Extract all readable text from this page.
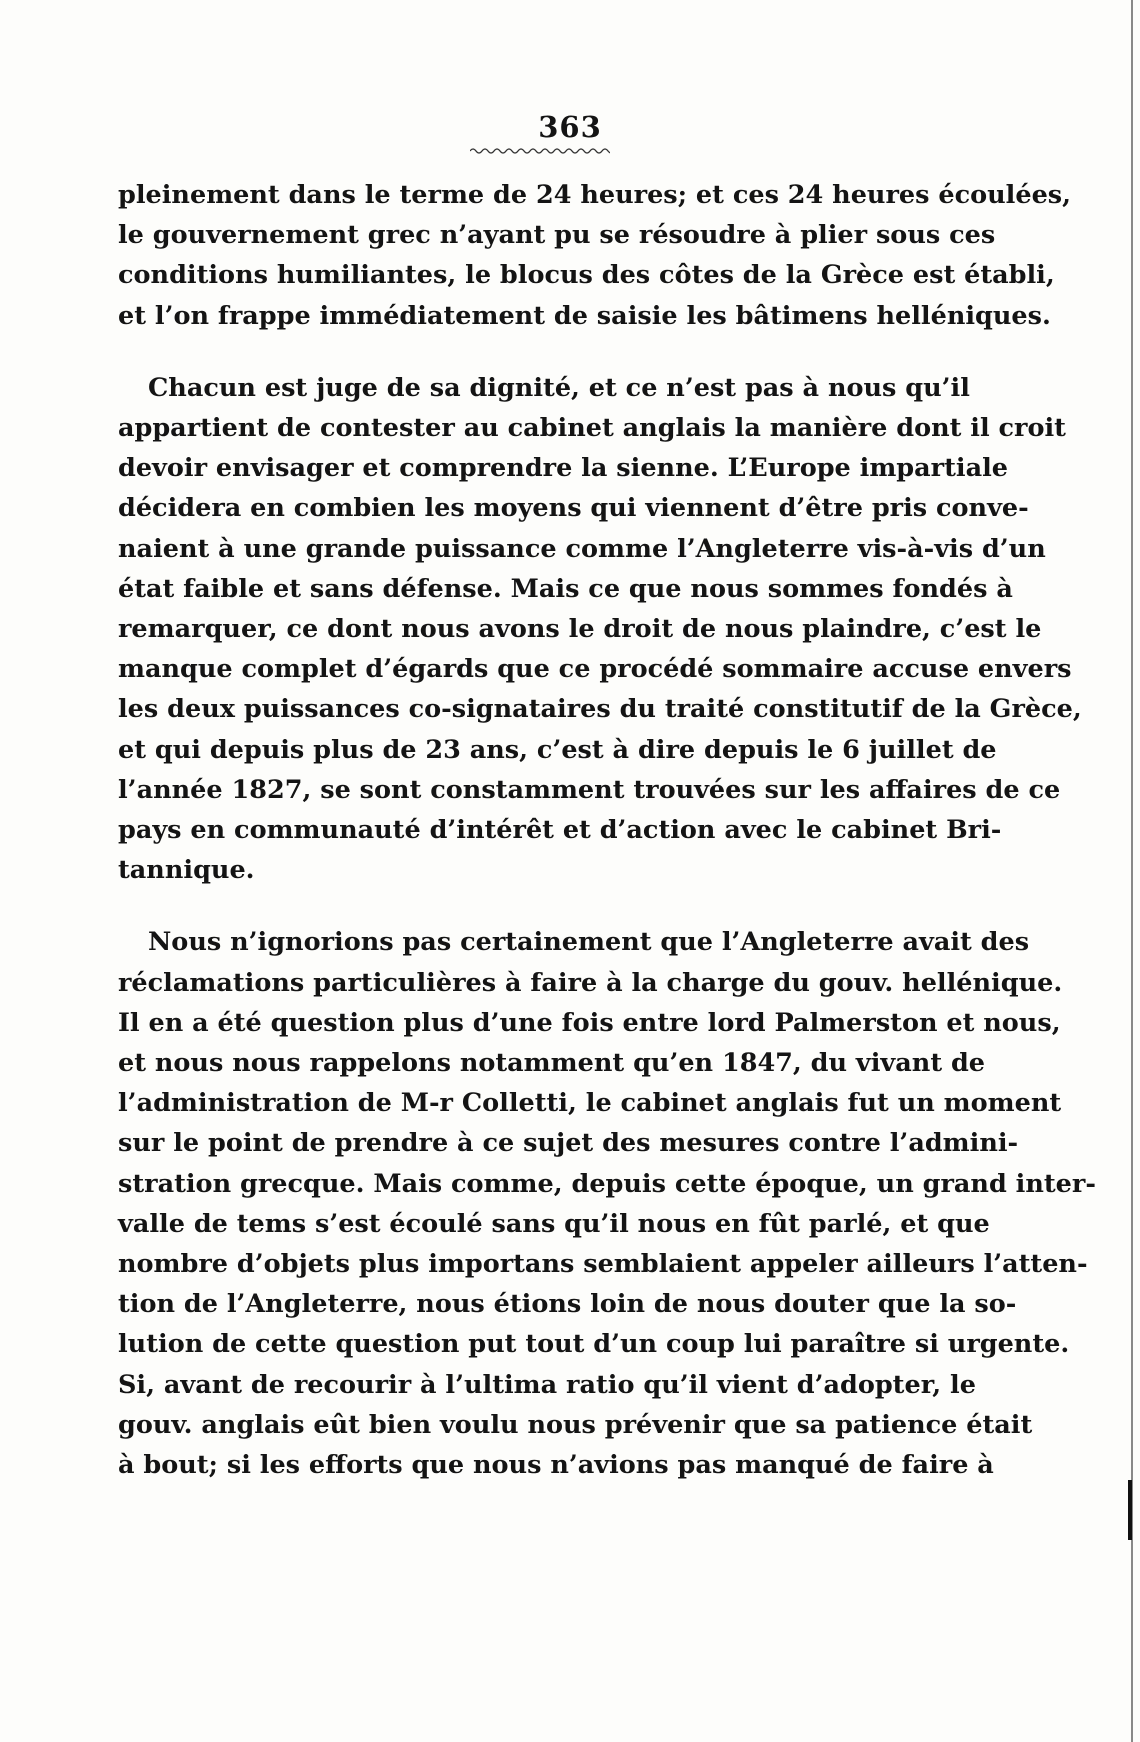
363

pleinement dans le terme de 24 heures; et ces 24 heures écoulées,
le gouvernement grec n’ayant pu se résoudre à plier sous ces
conditions humiliantes, le blocus des côtes de la Grèce est établi,
et l’on frappe immédiatement de saisie les bâtimens helléniques.

Chacun est juge de sa dignité, et ce n’est pas à nous qu’il
appartient de contester au cabinet anglais la manière dont il croit
devoir envisager et comprendre la sienne. L’Europe impartiale
décidera en combien les moyens qui viennent d’être pris conve-
naient à une grande puissance comme l’Angleterre vis-à-vis d’un
état faible et sans défense. Mais ce que nous sommes fondés à
remarquer, ce dont nous avons le droit de nous plaindre, c’est le
manque complet d’égards que ce procédé sommaire accuse envers
les deux puissances co-signataires du traité constitutif de la Grèce,
et qui depuis plus de 23 ans, c’est à dire depuis le 6 juillet de
l’année 1827, se sont constamment trouvées sur les affaires de ce
pays en communauté d’intérêt et d’action avec le cabinet Bri-
tannique.

Nous n’ignorions pas certainement que l’Angleterre avait des
réclamations particulières à faire à la charge du gouv. hellénique.
Il en a été question plus d’une fois entre lord Palmerston et nous,
et nous nous rappelons notamment qu’en 1847, du vivant de
l’administration de M-r Colletti, le cabinet anglais fut un moment
sur le point de prendre à ce sujet des mesures contre l’admini-
stration grecque. Mais comme, depuis cette époque, un grand inter-
valle de tems s’est écoulé sans qu’il nous en fût parlé, et que
nombre d’objets plus importans semblaient appeler ailleurs l’atten-
tion de l’Angleterre, nous étions loin de nous douter que la so-
lution de cette question put tout d’un coup lui paraître si urgente.
Si, avant de recourir à l’ultima ratio qu’il vient d’adopter, le
gouv. anglais eût bien voulu nous prévenir que sa patience était
à bout; si les efforts que nous n’avions pas manqué de faire à
